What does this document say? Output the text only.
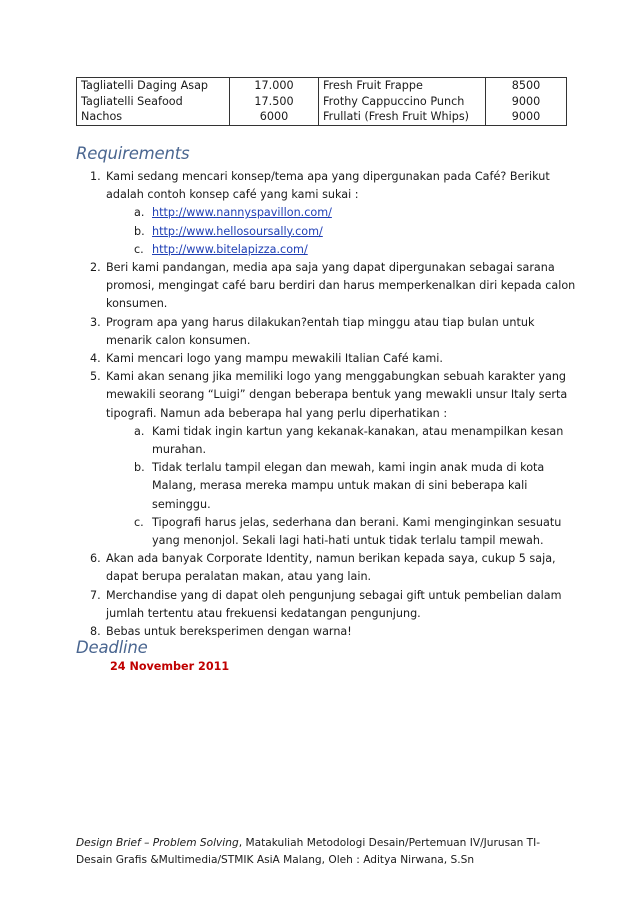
Tagliatelli Daging Asap	17.000	Fresh Fruit Frappe	8500
Tagliatelli Seafood	17.500	Frothy Cappuccino Punch	9000
Nachos	6000	Frullati (Fresh Fruit Whips)	9000
Requirements
1. Kami sedang mencari konsep/tema apa yang dipergunakan pada Café? Berikut adalah contoh konsep café yang kami sukai :
a. http://www.nannyspavillon.com/
b. http://www.hellosoursally.com/
c. http://www.bitelapizza.com/
2. Beri kami pandangan, media apa saja yang dapat dipergunakan sebagai sarana promosi, mengingat café baru berdiri dan harus memperkenalkan diri kepada calon konsumen.
3. Program apa yang harus dilakukan?entah tiap minggu atau tiap bulan untuk menarik calon konsumen.
4. Kami mencari logo yang mampu mewakili Italian Café kami.
5. Kami akan senang jika memiliki logo yang menggabungkan sebuah karakter yang mewakili seorang “Luigi” dengan beberapa bentuk yang mewakli unsur Italy serta tipografi. Namun ada beberapa hal yang perlu diperhatikan :
a. Kami tidak ingin kartun yang kekanak-kanakan, atau menampilkan kesan murahan.
b. Tidak terlalu tampil elegan dan mewah, kami ingin anak muda di kota Malang, merasa mereka mampu untuk makan di sini beberapa kali seminggu.
c. Tipografi harus jelas, sederhana dan berani. Kami menginginkan sesuatu yang menonjol. Sekali lagi hati-hati untuk tidak terlalu tampil mewah.
6. Akan ada banyak Corporate Identity, namun berikan kepada saya, cukup 5 saja, dapat berupa peralatan makan, atau yang lain.
7. Merchandise yang di dapat oleh pengunjung sebagai gift untuk pembelian dalam jumlah tertentu atau frekuensi kedatangan pengunjung.
8. Bebas untuk bereksperimen dengan warna!
Deadline
24 November 2011
Design Brief – Problem Solving, Matakuliah Metodologi Desain/Pertemuan IV/Jurusan TI-Desain Grafis &Multimedia/STMIK AsiA Malang, Oleh : Aditya Nirwana, S.Sn
